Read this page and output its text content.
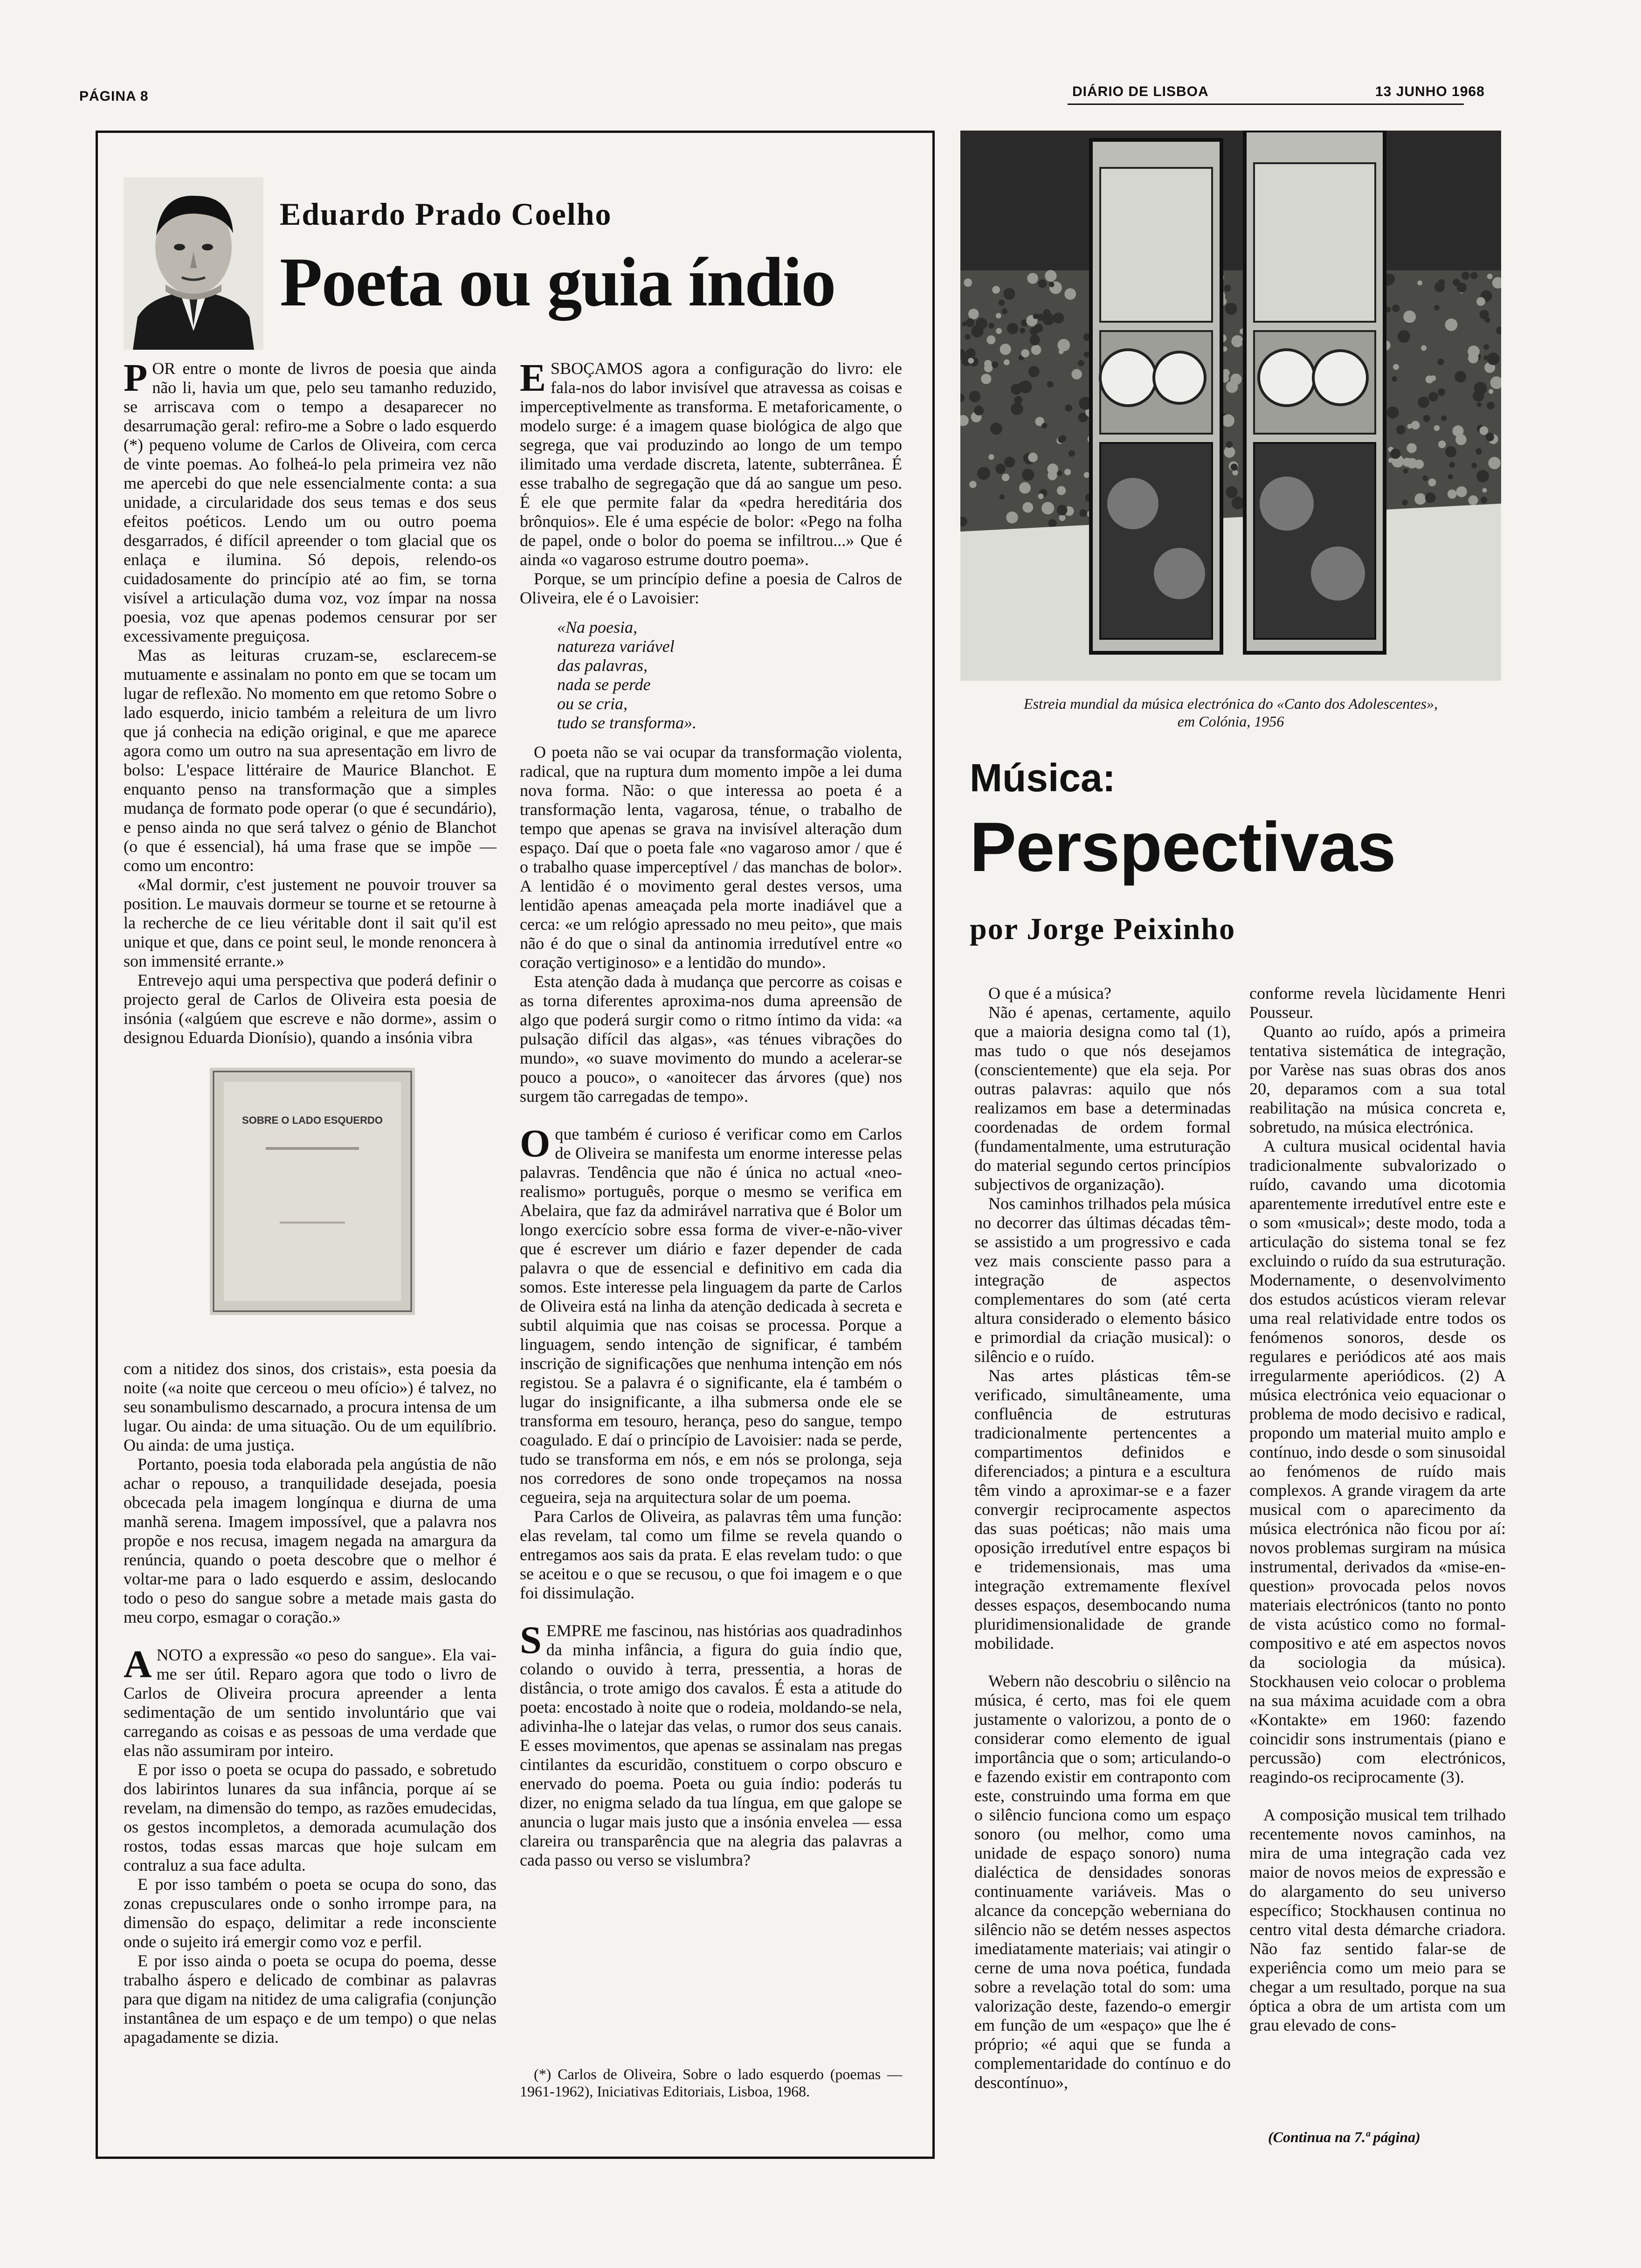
PÁGINA 8	DIÁRIO DE LISBOA	13 JUNHO 1968
Eduardo Prado Coelho
Poeta ou guia índio

POR entre o monte de livros de poesia que ainda não li, havia um que, pelo seu tamanho reduzido, se arriscava com o tempo a desaparecer no desarrumação geral: refiro-me a Sobre o lado esquerdo (*) pequeno volume de Carlos de Oliveira, com cerca de vinte poemas. Ao folheá-lo pela primeira vez não me apercebi do que nele essencialmente conta: a sua unidade, a circularidade dos seus temas e dos seus efeitos poéticos. Lendo um ou outro poema desgarrados, é difícil apreender o tom glacial que os enlaça e ilumina. Só depois, relendo-os cuidadosamente do princípio até ao fim, se torna visível a articulação duma voz, voz ímpar na nossa poesia, voz que apenas podemos censurar por ser excessivamente preguiçosa.

Mas as leituras cruzam-se, esclarecem-se mutuamente e assinalam no ponto em que se tocam um lugar de reflexão. No momento em que retomo Sobre o lado esquerdo, inicio também a releitura de um livro que já conhecia na edição original, e que me aparece agora como um outro na sua apresentação em livro de bolso: L'espace littéraire de Maurice Blanchot. E enquanto penso na transformação que a simples mudança de formato pode operar (o que é secundário), e penso ainda no que será talvez o génio de Blanchot (o que é essencial), há uma frase que se impõe — como um encontro:

«Mal dormir, c'est justement ne pouvoir trouver sa position. Le mauvais dormeur se tourne et se retourne à la recherche de ce lieu véritable dont il sait qu'il est unique et que, dans ce point seul, le monde renoncera à son immensité errante.»

Entrevejo aqui uma perspectiva que poderá definir o projecto geral de Carlos de Oliveira esta poesia de insónia («algúem que escreve e não dorme», assim o designou Eduarda Dionísio), quando a insónia vibra

SOBRE O LADO ESQUERDO

com a nitidez dos sinos, dos cristais», esta poesia da noite («a noite que cerceou o meu ofício») é talvez, no seu sonambulismo descarnado, a procura intensa de um lugar. Ou ainda: de uma situação. Ou de um equilíbrio. Ou ainda: de uma justiça.

Portanto, poesia toda elaborada pela angústia de não achar o repouso, a tranquilidade desejada, poesia obcecada pela imagem longínqua e diurna de uma manhã serena. Imagem impossível, que a palavra nos propõe e nos recusa, imagem negada na amargura da renúncia, quando o poeta descobre que o melhor é voltar-me para o lado esquerdo e assim, deslocando todo o peso do sangue sobre a metade mais gasta do meu corpo, esmagar o coração.»

ANOTO a expressão «o peso do sangue». Ela vai-me ser útil. Reparo agora que todo o livro de Carlos de Oliveira procura apreender a lenta sedimentação de um sentido involuntário que vai carregando as coisas e as pessoas de uma verdade que elas não assumiram por inteiro.

E por isso o poeta se ocupa do passado, e sobretudo dos labirintos lunares da sua infância, porque aí se revelam, na dimensão do tempo, as razões emudecidas, os gestos incompletos, a demorada acumulação dos rostos, todas essas marcas que hoje sulcam em contraluz a sua face adulta.

E por isso também o poeta se ocupa do sono, das zonas crepusculares onde o sonho irrompe para, na dimensão do espaço, delimitar a rede inconsciente onde o sujeito irá emergir como voz e perfil.

E por isso ainda o poeta se ocupa do poema, desse trabalho áspero e delicado de combinar as palavras para que digam na nitidez de uma caligrafia (conjunção instantânea de um espaço e de um tempo) o que nelas apagadamente se dizia.

ESBOÇAMOS agora a configuração do livro: ele fala-nos do labor invisível que atravessa as coisas e imperceptivelmente as transforma. E metaforicamente, o modelo surge: é a imagem quase biológica de algo que segrega, que vai produzindo ao longo de um tempo ilimitado uma verdade discreta, latente, subterrânea. É esse trabalho de segregação que dá ao sangue um peso. É ele que permite falar da «pedra hereditária dos brônquios». Ele é uma espécie de bolor: «Pego na folha de papel, onde o bolor do poema se infiltrou...» Que é ainda «o vagaroso estrume doutro poema».

Porque, se um princípio define a poesia de Calros de Oliveira, ele é o Lavoisier:

«Na poesia,
natureza variável
das palavras,
nada se perde
ou se cria,
tudo se transforma».

O poeta não se vai ocupar da transformação violenta, radical, que na ruptura dum momento impõe a lei duma nova forma. Não: o que interessa ao poeta é a transformação lenta, vagarosa, ténue, o trabalho de tempo que apenas se grava na invisível alteração dum espaço. Daí que o poeta fale «no vagaroso amor / que é o trabalho quase imperceptível / das manchas de bolor». A lentidão é o movimento geral destes versos, uma lentidão apenas ameaçada pela morte inadiável que a cerca: «e um relógio apressado no meu peito», que mais não é do que o sinal da antinomia irredutível entre «o coração vertiginoso» e a lentidão do mundo».

Esta atenção dada à mudança que percorre as coisas e as torna diferentes aproxima-nos duma apreensão de algo que poderá surgir como o ritmo íntimo da vida: «a pulsação difícil das algas», «as ténues vibrações do mundo», «o suave movimento do mundo a acelerar-se pouco a pouco», o «anoitecer das árvores (que) nos surgem tão carregadas de tempo».

Oque também é curioso é verificar como em Carlos de Oliveira se manifesta um enorme interesse pelas palavras. Tendência que não é única no actual «neo-realismo» português, porque o mesmo se verifica em Abelaira, que faz da admirável narrativa que é Bolor um longo exercício sobre essa forma de viver-e-não-viver que é escrever um diário e fazer depender de cada palavra o que de essencial e definitivo em cada dia somos. Este interesse pela linguagem da parte de Carlos de Oliveira está na linha da atenção dedicada à secreta e subtil alquimia que nas coisas se processa. Porque a linguagem, sendo intenção de significar, é também inscrição de significações que nenhuma intenção em nós registou. Se a palavra é o significante, ela é também o lugar do insignificante, a ilha submersa onde ele se transforma em tesouro, herança, peso do sangue, tempo coagulado. E daí o princípio de Lavoisier: nada se perde, tudo se transforma em nós, e em nós se prolonga, seja nos corredores de sono onde tropeçamos na nossa cegueira, seja na arquitectura solar de um poema.

Para Carlos de Oliveira, as palavras têm uma função: elas revelam, tal como um filme se revela quando o entregamos aos sais da prata. E elas revelam tudo: o que se aceitou e o que se recusou, o que foi imagem e o que foi dissimulação.

SEMPRE me fascinou, nas histórias aos quadradinhos da minha infância, a figura do guia índio que, colando o ouvido à terra, pressentia, a horas de distância, o trote amigo dos cavalos. É esta a atitude do poeta: encostado à noite que o rodeia, moldando-se nela, adivinha-lhe o latejar das velas, o rumor dos seus canais. E esses movimentos, que apenas se assinalam nas pregas cintilantes da escuridão, constituem o corpo obscuro e enervado do poema. Poeta ou guia índio: poderás tu dizer, no enigma selado da tua língua, em que galope se anuncia o lugar mais justo que a insónia envelea — essa clareira ou transparência que na alegria das palavras a cada passo ou verso se vislumbra?

(*) Carlos de Oliveira, Sobre o lado esquerdo (poemas — 1961-1962), Iniciativas Editoriais, Lisboa, 1968.
Estreia mundial da música electrónica do «Canto dos Adolescentes»,
em Colónia, 1956
Música:
Perspectivas
por Jorge Peixinho

O que é a música?

Não é apenas, certamente, aquilo que a maioria designa como tal (1), mas tudo o que nós desejamos (conscientemente) que ela seja. Por outras palavras: aquilo que nós realizamos em base a determinadas coordenadas de ordem formal (fundamentalmente, uma estruturação do material segundo certos princípios subjectivos de organização).

Nos caminhos trilhados pela música no decorrer das últimas décadas têm-se assistido a um progressivo e cada vez mais consciente passo para a integração de aspectos complementares do som (até certa altura considerado o elemento básico e primordial da criação musical): o silêncio e o ruído.

Nas artes plásticas têm-se verificado, simultâneamente, uma confluência de estruturas tradicionalmente pertencentes a compartimentos definidos e diferenciados; a pintura e a escultura têm vindo a aproximar-se e a fazer convergir reciprocamente aspectos das suas poéticas; não mais uma oposição irredutível entre espaços bi e tridemensionais, mas uma integração extremamente flexível desses espaços, desembocando numa pluridimensionalidade de grande mobilidade.

Webern não descobriu o silêncio na música, é certo, mas foi ele quem justamente o valorizou, a ponto de o considerar como elemento de igual importância que o som; articulando-o e fazendo existir em contraponto com este, construindo uma forma em que o silêncio funciona como um espaço sonoro (ou melhor, como uma unidade de espaço sonoro) numa dialéctica de densidades sonoras continuamente variáveis. Mas o alcance da concepção weberniana do silêncio não se detém nesses aspectos imediatamente materiais; vai atingir o cerne de uma nova poética, fundada sobre a revelação total do som: uma valorização deste, fazendo-o emergir em função de um «espaço» que lhe é próprio; «é aqui que se funda a complementaridade do contínuo e do descontínuo»,

conforme revela lùcidamente Henri Pousseur.

Quanto ao ruído, após a primeira tentativa sistemática de integração, por Varèse nas suas obras dos anos 20, deparamos com a sua total reabilitação na música concreta e, sobretudo, na música electrónica.

A cultura musical ocidental havia tradicionalmente subvalorizado o ruído, cavando uma dicotomia aparentemente irredutível entre este e o som «musical»; deste modo, toda a articulação do sistema tonal se fez excluindo o ruído da sua estruturação. Modernamente, o desenvolvimento dos estudos acústicos vieram relevar uma real relatividade entre todos os fenómenos sonoros, desde os regulares e periódicos até aos mais irregularmente aperiódicos. (2) A música electrónica veio equacionar o problema de modo decisivo e radical, propondo um material muito amplo e contínuo, indo desde o som sinusoidal ao fenómenos de ruído mais complexos. A grande viragem da arte musical com o aparecimento da música electrónica não ficou por aí: novos problemas surgiram na música instrumental, derivados da «mise-en-question» provocada pelos novos materiais electrónicos (tanto no ponto de vista acústico como no formal-compositivo e até em aspectos novos da sociologia da música). Stockhausen veio colocar o problema na sua máxima acuidade com a obra «Kontakte» em 1960: fazendo coincidir sons instrumentais (piano e percussão) com electrónicos, reagindo-os reciprocamente (3).

A composição musical tem trilhado recentemente novos caminhos, na mira de uma integração cada vez maior de novos meios de expressão e do alargamento do seu universo específico; Stockhausen continua no centro vital desta démarche criadora. Não faz sentido falar-se de experiência como um meio para se chegar a um resultado, porque na sua óptica a obra de um artista com um grau elevado de cons-

(Continua na 7.ª página)
